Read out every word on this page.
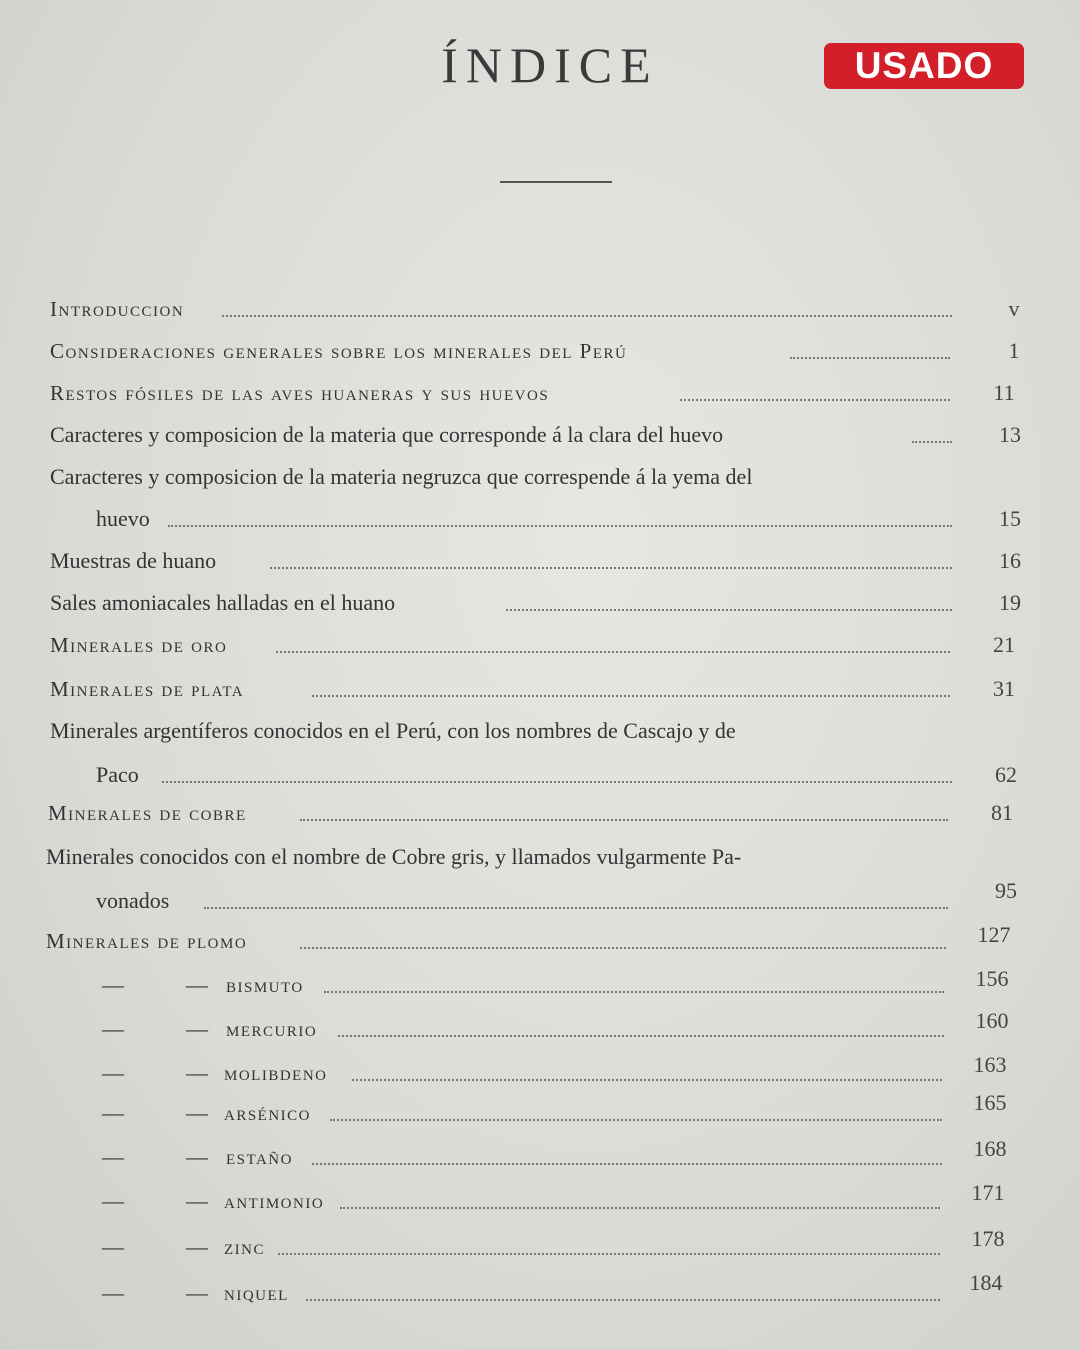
ÍNDICE	USADO
Introduccion	v
Consideraciones generales sobre los minerales del Perú	1
Restos fósiles de las aves huaneras y sus huevos	11
Caracteres y composicion de la materia que corresponde á la clara del huevo	13
Caracteres y composicion de la materia negruzca que correspende á la yema del
huevo	15
Muestras de huano	16
Sales amoniacales halladas en el huano	19
Minerales de oro	21
Minerales de plata	31
Minerales argentíferos conocidos en el Perú, con los nombres de Cascajo y de
Paco	62
Minerales de cobre	81
Minerales conocidos con el nombre de Cobre gris, y llamados vulgarmente Pa-
vonados	95
Minerales de plomo	127
—	— bismuto	156
—	— mercurio	160
—	— molibdeno	163
—	— arsénico	165
—	— estaño	168
—	— antimonio	171
—	— zinc	178
—	— niquel	184
